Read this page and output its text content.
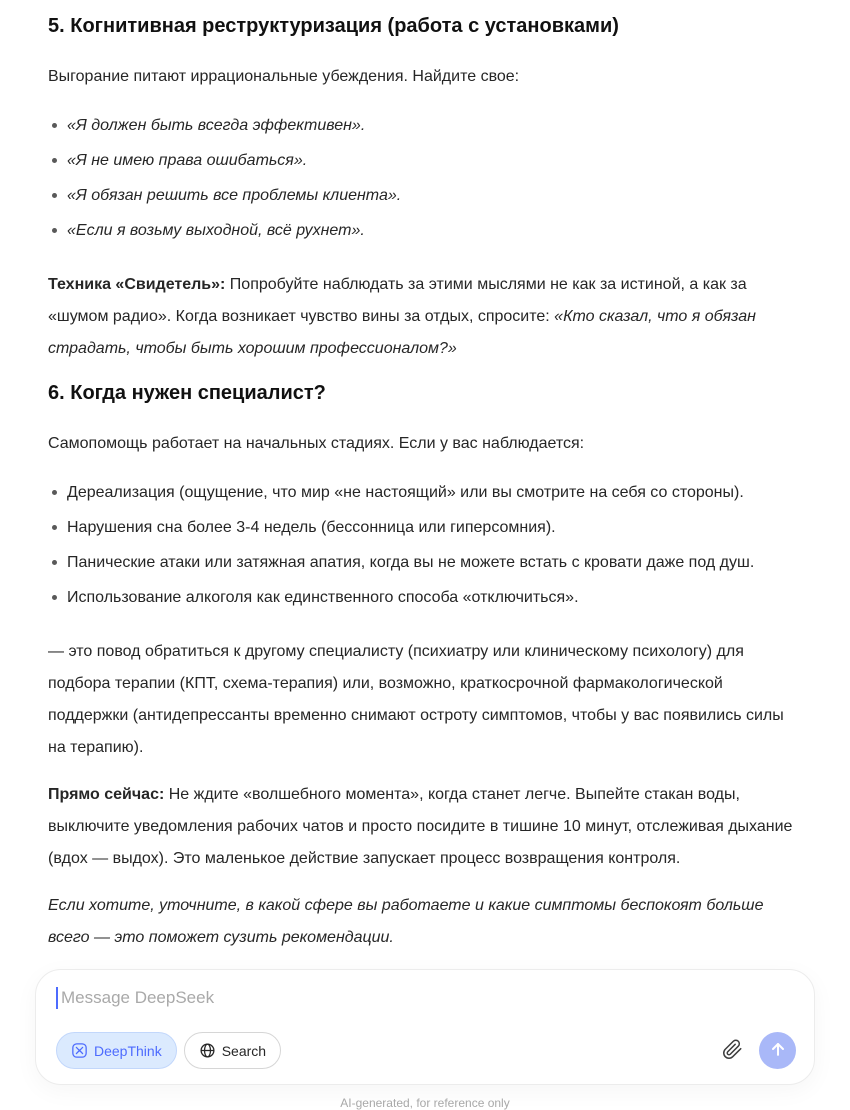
5. Когнитивная реструктуризация (работа с установками)

Выгорание питают иррациональные убеждения. Найдите свое:

«Я должен быть всегда эффективен».
«Я не имею права ошибаться».
«Я обязан решить все проблемы клиента».
«Если я возьму выходной, всё рухнет».

Техника «Свидетель»: Попробуйте наблюдать за этими мыслями не как за истиной, а как за «шумом радио». Когда возникает чувство вины за отдых, спросите: «Кто сказал, что я обязан страдать, чтобы быть хорошим профессионалом?»

6. Когда нужен специалист?

Самопомощь работает на начальных стадиях. Если у вас наблюдается:

Дереализация (ощущение, что мир «не настоящий» или вы смотрите на себя со стороны).
Нарушения сна более 3-4 недель (бессонница или гиперсомния).
Панические атаки или затяжная апатия, когда вы не можете встать с кровати даже под душ.
Использование алкоголя как единственного способа «отключиться».

— это повод обратиться к другому специалисту (психиатру или клиническому психологу) для подбора терапии (КПТ, схема-терапия) или, возможно, краткосрочной фармакологической поддержки (антидепрессанты временно снимают остроту симптомов, чтобы у вас появились силы на терапию).

Прямо сейчас: Не ждите «волшебного момента», когда станет легче. Выпейте стакан воды, выключите уведомления рабочих чатов и просто посидите в тишине 10 минут, отслеживая дыхание (вдох — выдох). Это маленькое действие запускает процесс возвращения контроля.

Если хотите, уточните, в какой сфере вы работаете и какие симптомы беспокоят больше всего — это поможет сузить рекомендации.

Message DeepSeek
DeepThink	Search
AI-generated, for reference only
